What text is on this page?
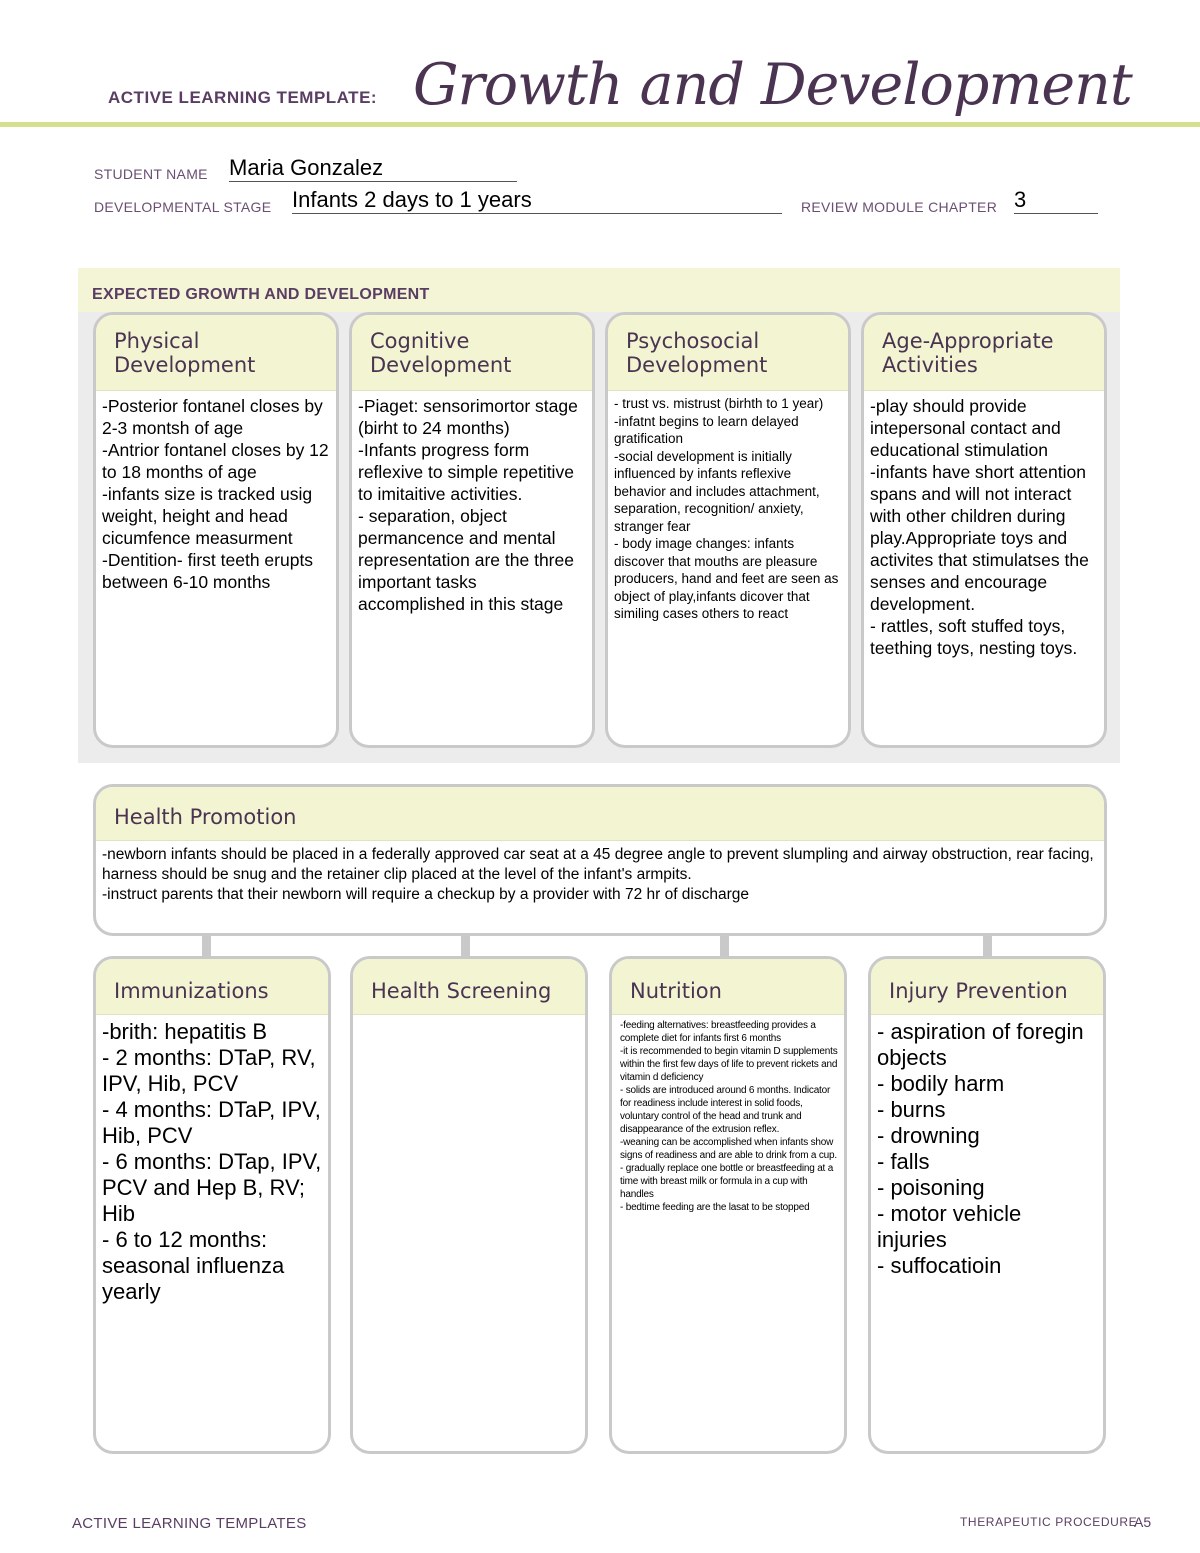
ACTIVE LEARNING TEMPLATE: Growth and Development
STUDENT NAME Maria Gonzalez
DEVELOPMENTAL STAGE Infants 2 days to 1 years	REVIEW MODULE CHAPTER 3
EXPECTED GROWTH AND DEVELOPMENT
Physical
Development
-Posterior fontanel closes by 2-3 montsh of age
-Antrior fontanel closes by 12 to 18 months of age
-infants size is tracked usig weight, height and head cicumfence measurment
-Dentition- first teeth erupts between 6-10 months
Cognitive
Development
-Piaget: sensorimortor stage (birht to 24 months)
-Infants progress form reflexive to simple repetitive to imitaitive activities.
- separation, object permancence and mental representation are the three important tasks accomplished in this stage
Psychosocial
Development
- trust vs. mistrust (birhth to 1 year)
-infatnt begins to learn delayed gratification
-social development is initially influenced by infants reflexive behavior and includes attachment, separation, recognition/ anxiety, stranger fear
- body image changes: infants discover that mouths are pleasure producers, hand and feet are seen as object of play,infants dicover that similing cases others to react
Age-Appropriate
Activities
-play should provide intepersonal contact and educational stimulation
-infants have short attention spans and will not interact with other children during play.Appropriate toys and activites that stimulatses the senses and encourage development.
- rattles, soft stuffed toys, teething toys, nesting toys.
Health Promotion
-newborn infants should be placed in a federally approved car seat at a 45 degree angle to prevent slumpling and airway obstruction, rear facing, harness should be snug and the retainer clip placed at the level of the infant's armpits.
-instruct parents that their newborn will require a checkup by a provider with 72 hr of discharge
Immunizations
-brith: hepatitis B
- 2 months: DTaP, RV, IPV, Hib, PCV
- 4 months: DTaP, IPV, Hib, PCV
- 6 months: DTap, IPV, PCV and Hep B, RV; Hib
- 6 to 12 months: seasonal influenza yearly
Health Screening	Nutrition
-feeding alternatives: breastfeeding provides a complete diet for infants first 6 months
-it is recommended to begin vitamin D supplements within the first few days of life to prevent rickets and vitamin d deficiency
- solids are introduced around 6 months. Indicator for readiness include interest in solid foods, voluntary control of the head and trunk and disappearance of the extrusion reflex.
-weaning can be accomplished when infants show signs of readiness and are able to drink from a cup.
- gradually replace one bottle or breastfeeding at a time with breast milk or formula in a cup with handles
- bedtime feeding are the lasat to be stopped
Injury Prevention
- aspiration of foregin objects
- bodily harm
- burns
- drowning
- falls
- poisoning
- motor vehicle injuries
- suffocatioin
ACTIVE LEARNING TEMPLATES	THERAPEUTIC PROCEDURE
A5
